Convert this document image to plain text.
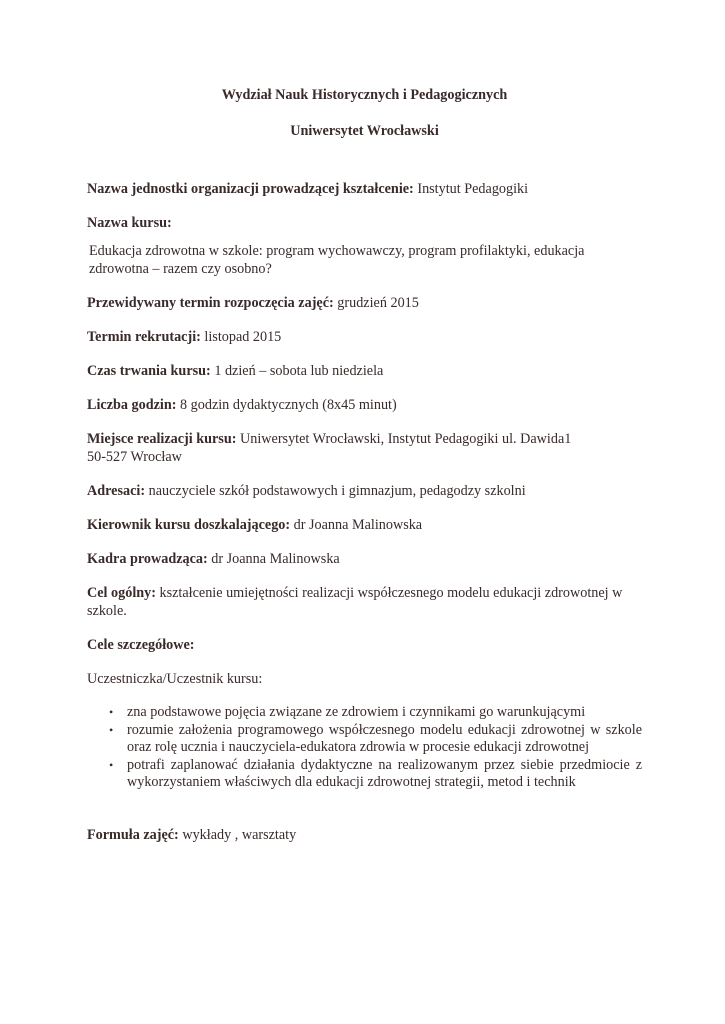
Wydział Nauk Historycznych i Pedagogicznych
Uniwersytet Wrocławski
Nazwa jednostki organizacji prowadzącej kształcenie: Instytut Pedagogiki
Nazwa kursu:
Edukacja zdrowotna w szkole: program wychowawczy, program profilaktyki, edukacja zdrowotna – razem czy osobno?
Przewidywany termin rozpoczęcia zajęć: grudzień 2015
Termin rekrutacji: listopad 2015
Czas trwania kursu: 1 dzień – sobota lub niedziela
Liczba godzin: 8 godzin dydaktycznych (8x45 minut)
Miejsce realizacji kursu: Uniwersytet Wrocławski, Instytut Pedagogiki ul. Dawida1
50-527 Wrocław
Adresaci: nauczyciele szkół podstawowych i gimnazjum, pedagodzy szkolni
Kierownik kursu doszkalającego: dr Joanna Malinowska
Kadra prowadząca: dr Joanna Malinowska
Cel ogólny: kształcenie umiejętności realizacji współczesnego modelu edukacji zdrowotnej w szkole.
Cele szczegółowe:
Uczestniczka/Uczestnik kursu:
• zna podstawowe pojęcia związane ze zdrowiem i czynnikami go warunkującymi
• rozumie założenia programowego współczesnego modelu edukacji zdrowotnej w szkole oraz rolę ucznia i nauczyciela-edukatora zdrowia w procesie edukacji zdrowotnej
• potrafi zaplanować działania dydaktyczne na realizowanym przez siebie przedmiocie z wykorzystaniem właściwych dla edukacji zdrowotnej strategii, metod i technik
Formuła zajęć: wykłady , warsztaty
